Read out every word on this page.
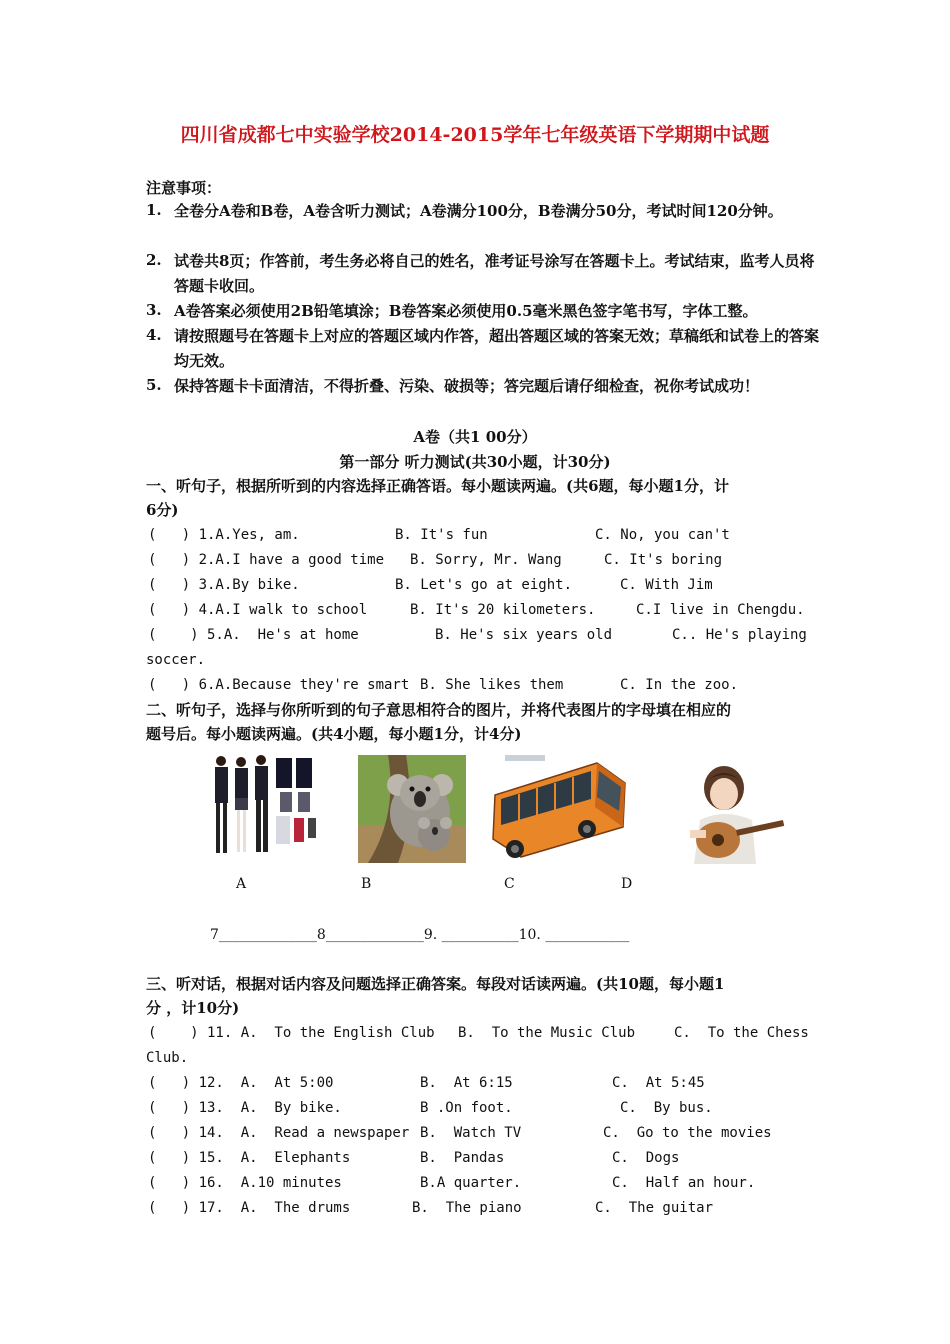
四川省成都七中实验学校2014-2015学年七年级英语下学期期中试题
注意事项：
1. 全卷分A卷和B卷，A卷含听力测试；A卷满分100分，B卷满分50分，考试时间120分钟。
2. 试卷共8页；作答前，考生务必将自己的姓名，准考证号涂写在答题卡上。考试结束，监考人员将答题卡收回。
3. A卷答案必须使用2B铅笔填涂；B卷答案必须使用0.5毫米黑色签字笔书写，字体工整。
4. 请按照题号在答题卡上对应的答题区域内作答，超出答题区域的答案无效；草稿纸和试卷上的答案均无效。
5. 保持答题卡卡面清洁，不得折叠、污染、破损等；答完题后请仔细检查，祝你考试成功！
A卷（共1 00分）
第一部分 听力测试(共30小题，计30分)
一、听句子，根据所听到的内容选择正确答语。每小题读两遍。(共6题，每小题1分，计
6分)
(   ) 1.A.Yes, am.	B. It's fun	C. No, you can't
(   ) 2.A.I have a good time B. Sorry, Mr. Wang	C. It's boring
(   ) 3.A.By bike.	B. Let's go at eight.	C. With Jim
(   ) 4.A.I walk to school	B. It's 20 kilometers.	C.I live in Chengdu.
(    ) 5.A.  He's at home	B. He's six years old	C.. He's playing
soccer.
(   ) 6.A.Because they're smart B. She likes them	C. In the zoo.
二、听句子，选择与你所听到的句子意思相符合的图片，并将代表图片的字母填在相应的
题号后。每小题读两遍。(共4小题，每小题1分，计4分)
A	B	C	D
7______________8______________9. ___________10. ____________
三、听对话，根据对话内容及问题选择正确答案。每段对话读两遍。(共10题，每小题1
分 ，计10分)
(    ) 11. A.  To the English Club B.  To the Music Club	C.  To the Chess
Club.
(   ) 12.  A.  At 5:00	B.  At 6:15	C.  At 5:45
(   ) 13.  A.  By bike.	B .On foot.	C.  By bus.
(   ) 14.  A.  Read a newspaper B.  Watch TV	C.  Go to the movies
(   ) 15.  A.  Elephants	B.  Pandas	C.  Dogs
(   ) 16.  A.10 minutes	B.A quarter.	C.  Half an hour.
(   ) 17.  A.  The drums	B.  The piano	C.  The guitar
